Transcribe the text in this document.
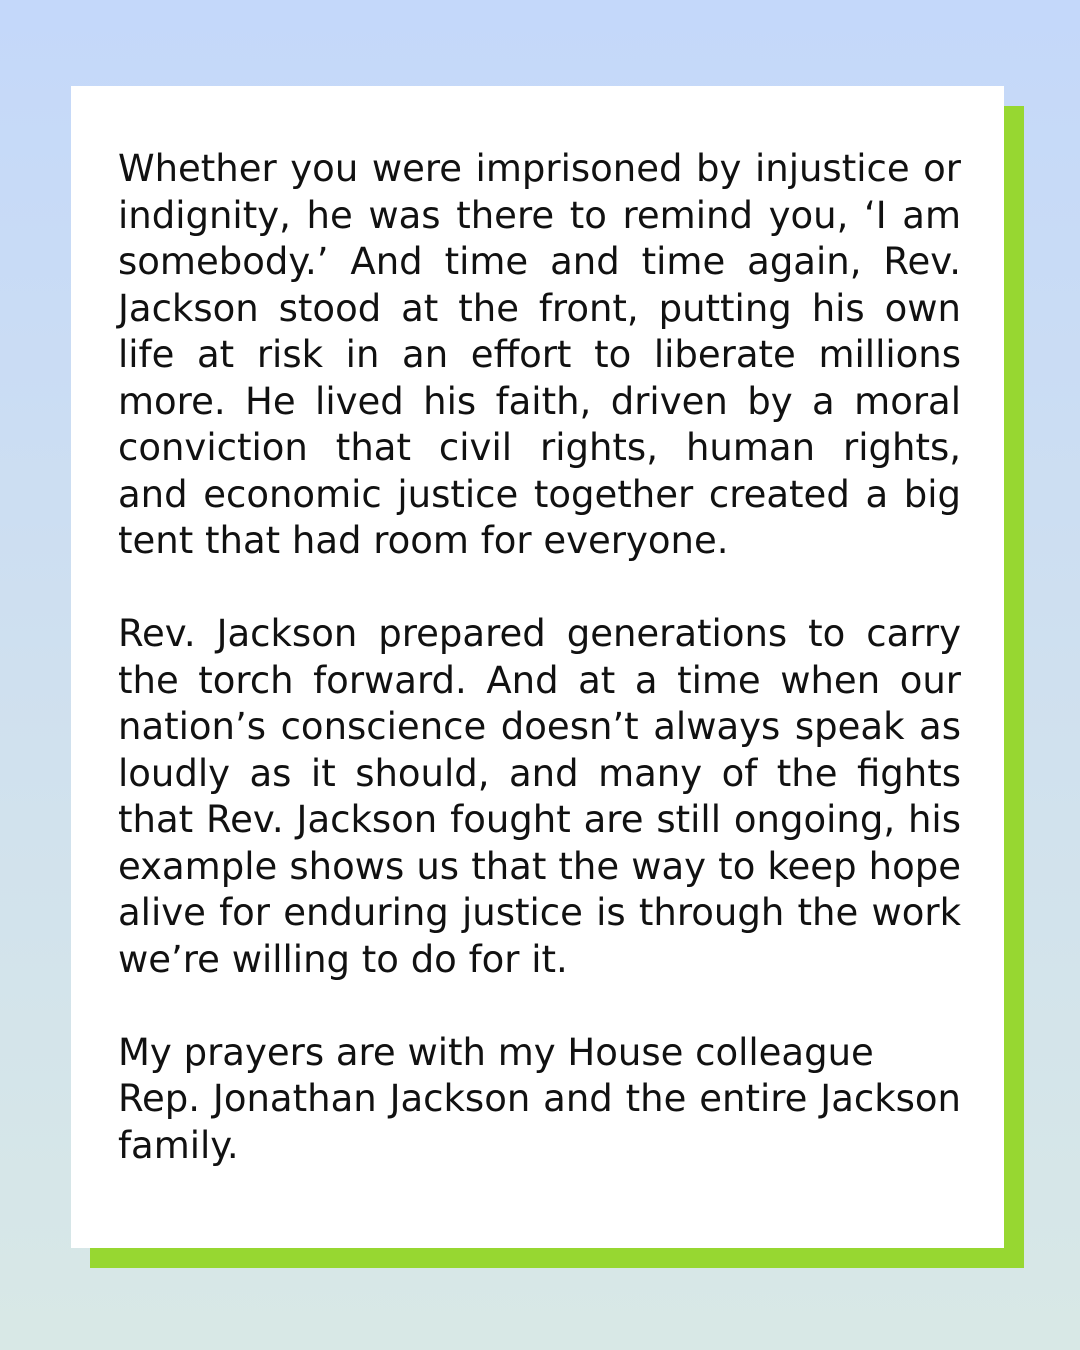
Whether you were imprisoned by injustice or indignity, he was there to remind you, ‘I am somebody.’ And time and time again, Rev. Jackson stood at the front, putting his own life at risk in an effort to liberate millions more. He lived his faith, driven by a moral conviction that civil rights, human rights, and economic justice together created a big tent that had room for everyone.

Rev. Jackson prepared generations to carry the torch forward. And at a time when our nation’s conscience doesn’t always speak as loudly as it should, and many of the fights that Rev. Jackson fought are still ongoing, his example shows us that the way to keep hope alive for enduring justice is through the work we’re willing to do for it.

My prayers are with my House colleague
Rep. Jonathan Jackson and the entire Jackson family.
